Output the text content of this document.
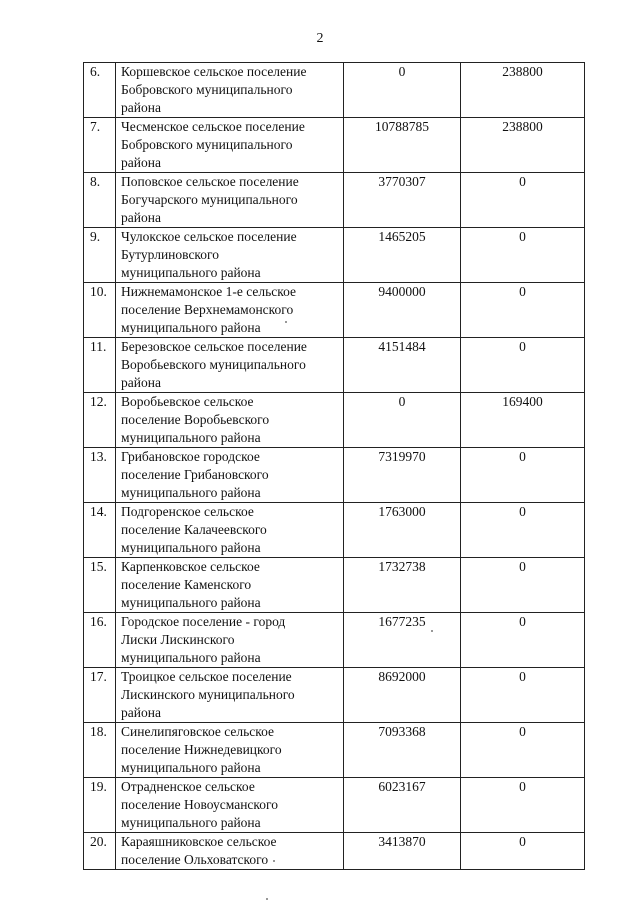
2
6.	Коршевское сельское поселение
Бобровского муниципального
района	0	238800
7.	Чесменское сельское поселение
Бобровского муниципального
района	10788785	238800
8.	Поповское сельское поселение
Богучарского муниципального
района	3770307	0
9.	Чулокское сельское поселение
Бутурлиновского
муниципального района	1465205	0
10.	Нижнемамонское 1-е сельское
поселение Верхнемамонского
муниципального района	9400000	0
11.	Березовское сельское поселение
Воробьевского муниципального
района	4151484	0
12.	Воробьевское сельское
поселение Воробьевского
муниципального района	0	169400
13.	Грибановское городское
поселение Грибановского
муниципального района	7319970	0
14.	Подгоренское сельское
поселение Калачеевского
муниципального района	1763000	0
15.	Карпенковское сельское
поселение Каменского
муниципального района	1732738	0
16.	Городское поселение - город
Лиски Лискинского
муниципального района	1677235	0
17.	Троицкое сельское поселение
Лискинского муниципального
района	8692000	0
18.	Синелипяговское сельское
поселение Нижнедевицкого
муниципального района	7093368	0
19.	Отрадненское сельское
поселение Новоусманского
муниципального района	6023167	0
20.	Караяшниковское сельское
поселение Ольховатского	3413870	0
